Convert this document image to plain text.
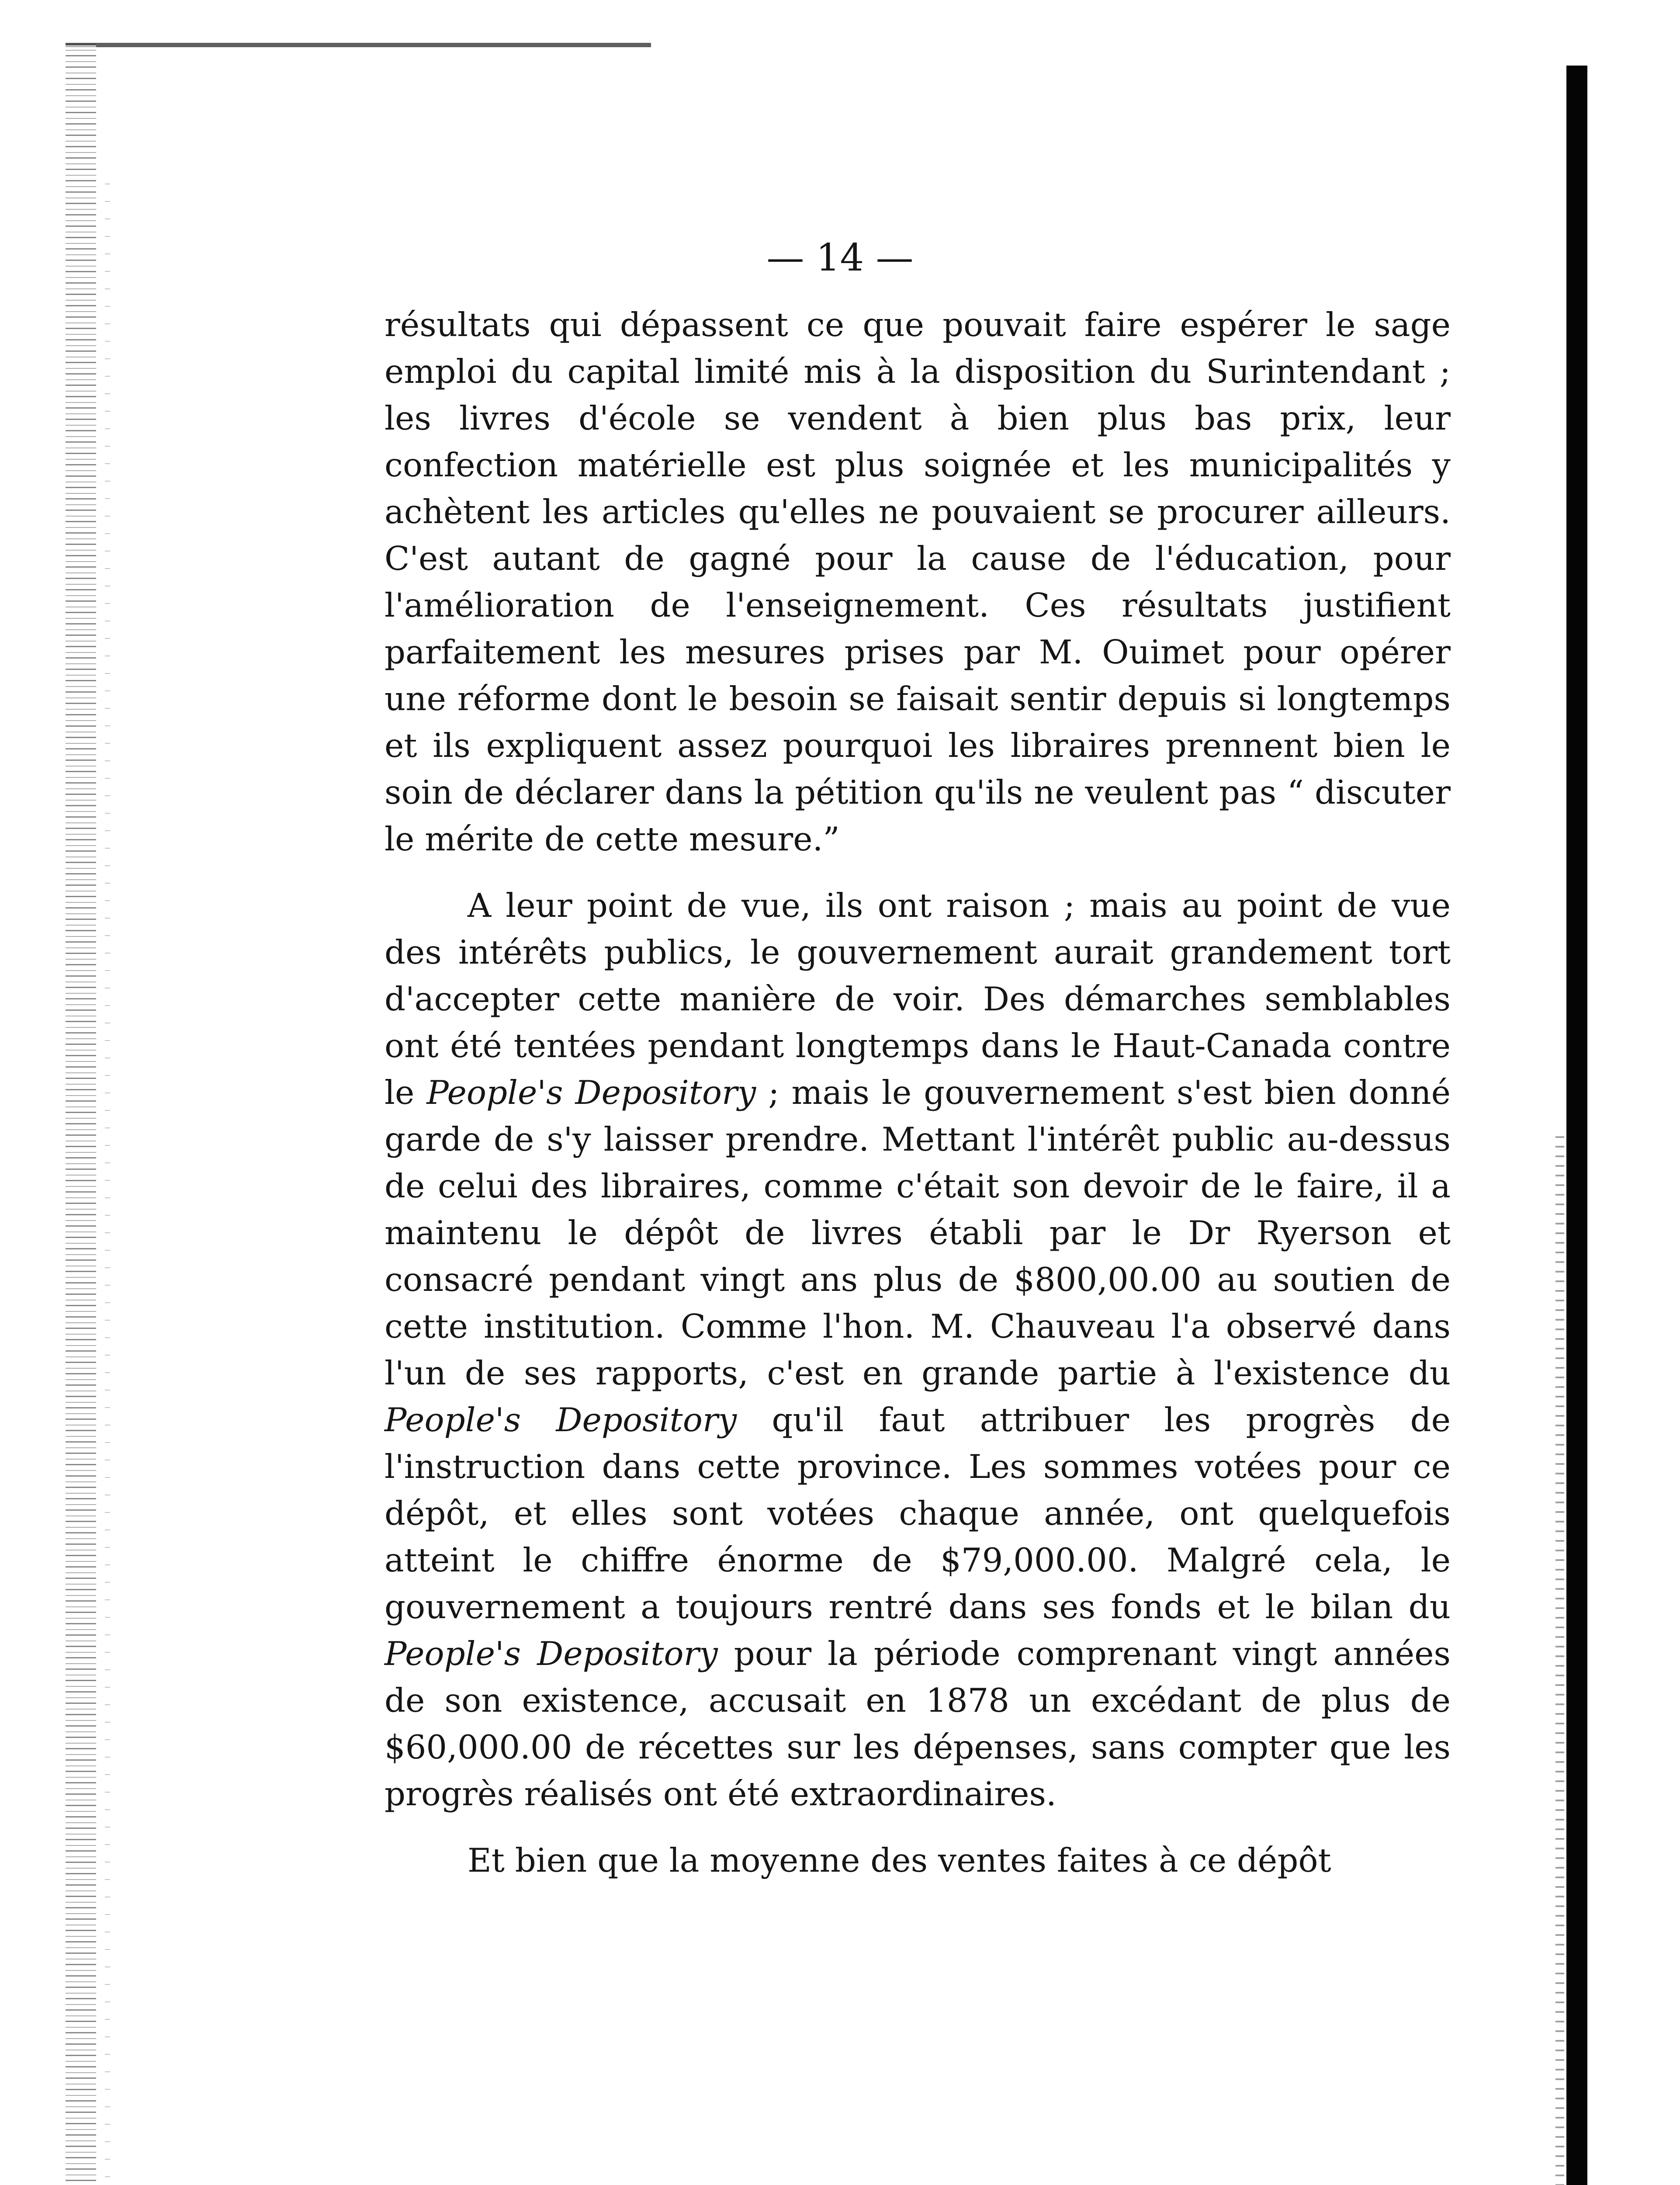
— 14 —

résultats qui dépassent ce que pouvait faire espérer le sage emploi du capital limité mis à la disposition du Surintendant ; les livres d'école se vendent à bien plus bas prix, leur confection matérielle est plus soignée et les municipalités y achètent les articles qu'elles ne pouvaient se procurer ailleurs. C'est autant de gagné pour la cause de l'éducation, pour l'amélioration de l'enseignement. Ces résultats justifient parfaitement les mesures prises par M. Ouimet pour opérer une réforme dont le besoin se faisait sentir depuis si longtemps et ils expliquent assez pourquoi les libraires prennent bien le soin de déclarer dans la pétition qu'ils ne veulent pas “ discuter le mérite de cette mesure.”

A leur point de vue, ils ont raison ; mais au point de vue des intérêts publics, le gouvernement aurait grandement tort d'accepter cette manière de voir. Des démarches semblables ont été tentées pendant longtemps dans le Haut-Canada contre le People's Depository ; mais le gouvernement s'est bien donné garde de s'y laisser prendre. Mettant l'intérêt public au-dessus de celui des libraires, comme c'était son devoir de le faire, il a maintenu le dépôt de livres établi par le Dr Ryerson et consacré pendant vingt ans plus de $800,00.00 au soutien de cette institution. Comme l'hon. M. Chauveau l'a observé dans l'un de ses rapports, c'est en grande partie à l'existence du People's Depository qu'il faut attribuer les progrès de l'instruction dans cette province. Les sommes votées pour ce dépôt, et elles sont votées chaque année, ont quelquefois atteint le chiffre énorme de $79,000.00. Malgré cela, le gouvernement a toujours rentré dans ses fonds et le bilan du People's Depository pour la période comprenant vingt années de son existence, accusait en 1878 un excédant de plus de $60,000.00 de récettes sur les dépenses, sans compter que les progrès réalisés ont été extraordinaires.

Et bien que la moyenne des ventes faites à ce dépôt
